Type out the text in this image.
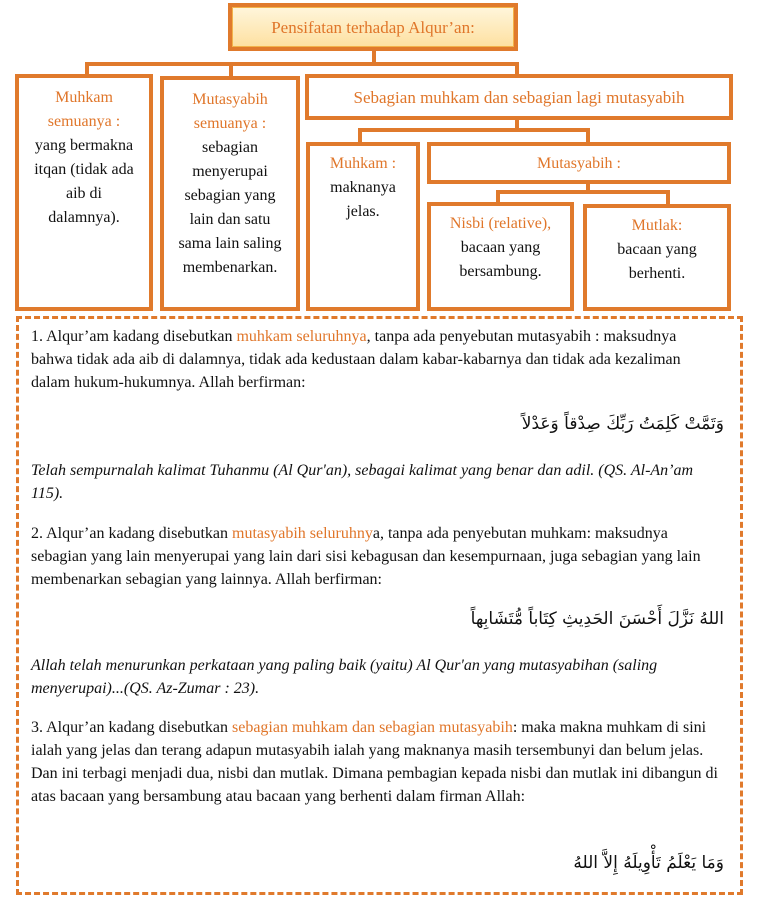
Pensifatan terhadap Alqur’an:
Muhkam semuanya :
yang bermakna itqan (tidak ada aib di dalamnya).
Mutasyabih semuanya :
sebagian menyerupai sebagian yang lain dan satu sama lain saling membenarkan.
Sebagian muhkam dan sebagian lagi mutasyabih
Muhkam :
maknanya jelas.
Mutasyabih :
Nisbi (relative),
bacaan yang bersambung.
Mutlak:
bacaan yang berhenti.
1. Alqur’am kadang disebutkan muhkam seluruhnya, tanpa ada penyebutan mutasyabih : maksudnya bahwa tidak ada aib di dalamnya, tidak ada kedustaan dalam kabar-kabarnya dan tidak ada kezaliman dalam hukum-hukumnya. Allah berfirman:
وَتَمَّتْ كَلِمَتُ رَبِّكَ صِدْقاً وَعَدْلاً
Telah sempurnalah kalimat Tuhanmu (Al Qur'an), sebagai kalimat yang benar dan adil. (QS. Al-An’am 115).
2. Alqur’an kadang disebutkan mutasyabih seluruhnya, tanpa ada penyebutan muhkam: maksudnya sebagian yang lain menyerupai yang lain dari sisi kebagusan dan kesempurnaan, juga sebagian yang lain membenarkan sebagian yang lainnya. Allah berfirman:
اللهُ نَزَّلَ أَحْسَنَ الحَدِيثِ كِتَاباً مُّتَشَابِهاً
Allah telah menurunkan perkataan yang paling baik (yaitu) Al Qur'an yang mutasyabihan (saling menyerupai)...(QS. Az-Zumar : 23).
3. Alqur’an kadang disebutkan sebagian muhkam dan sebagian mutasyabih: maka makna muhkam di sini ialah yang jelas dan terang adapun mutasyabih ialah yang maknanya masih tersembunyi dan belum jelas. Dan ini terbagi menjadi dua, nisbi dan mutlak. Dimana pembagian kepada nisbi dan mutlak ini dibangun di atas bacaan yang bersambung atau bacaan yang berhenti dalam firman Allah:
وَمَا يَعْلَمُ تَأْوِيلَهُ إِلاَّ اللهُ
